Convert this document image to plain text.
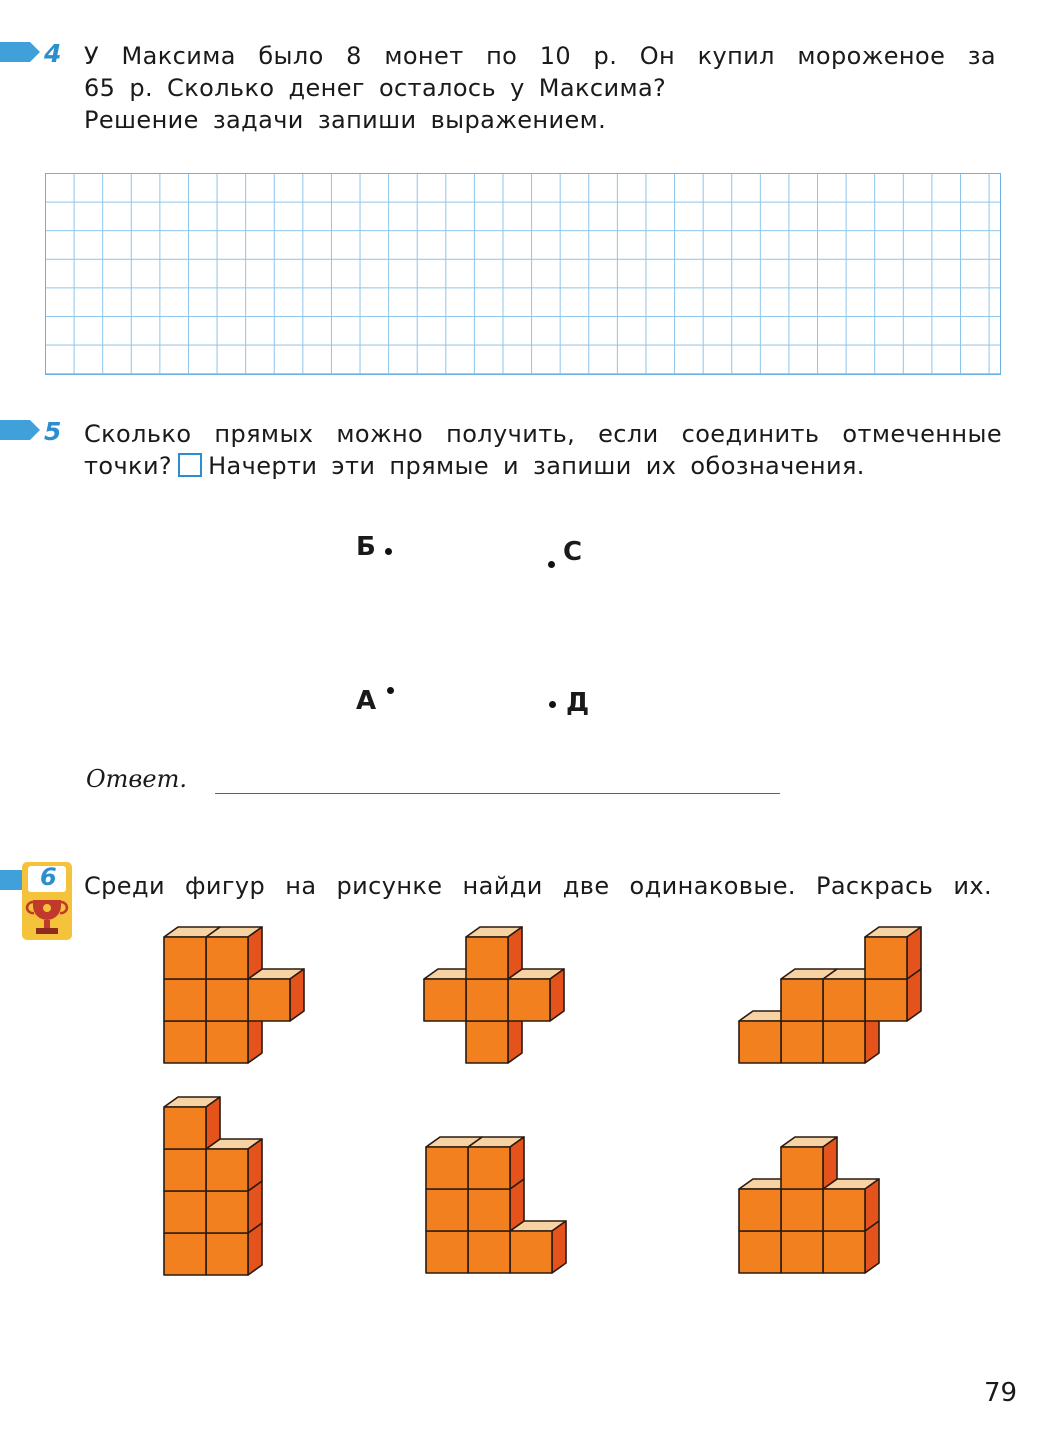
4 У Максима было 8 монет по 10 р. Он купил мороженое за
65 р. Сколько денег осталось у Максима?
Решение задачи запиши выражением.
5 Сколько прямых можно получить, если соединить отмеченные
точки? Начерти эти прямые и запиши их обозначения.
Б	С
А	Д
Ответ.
6 Среди фигур на рисунке найди две одинаковые. Раскрась их.
79
